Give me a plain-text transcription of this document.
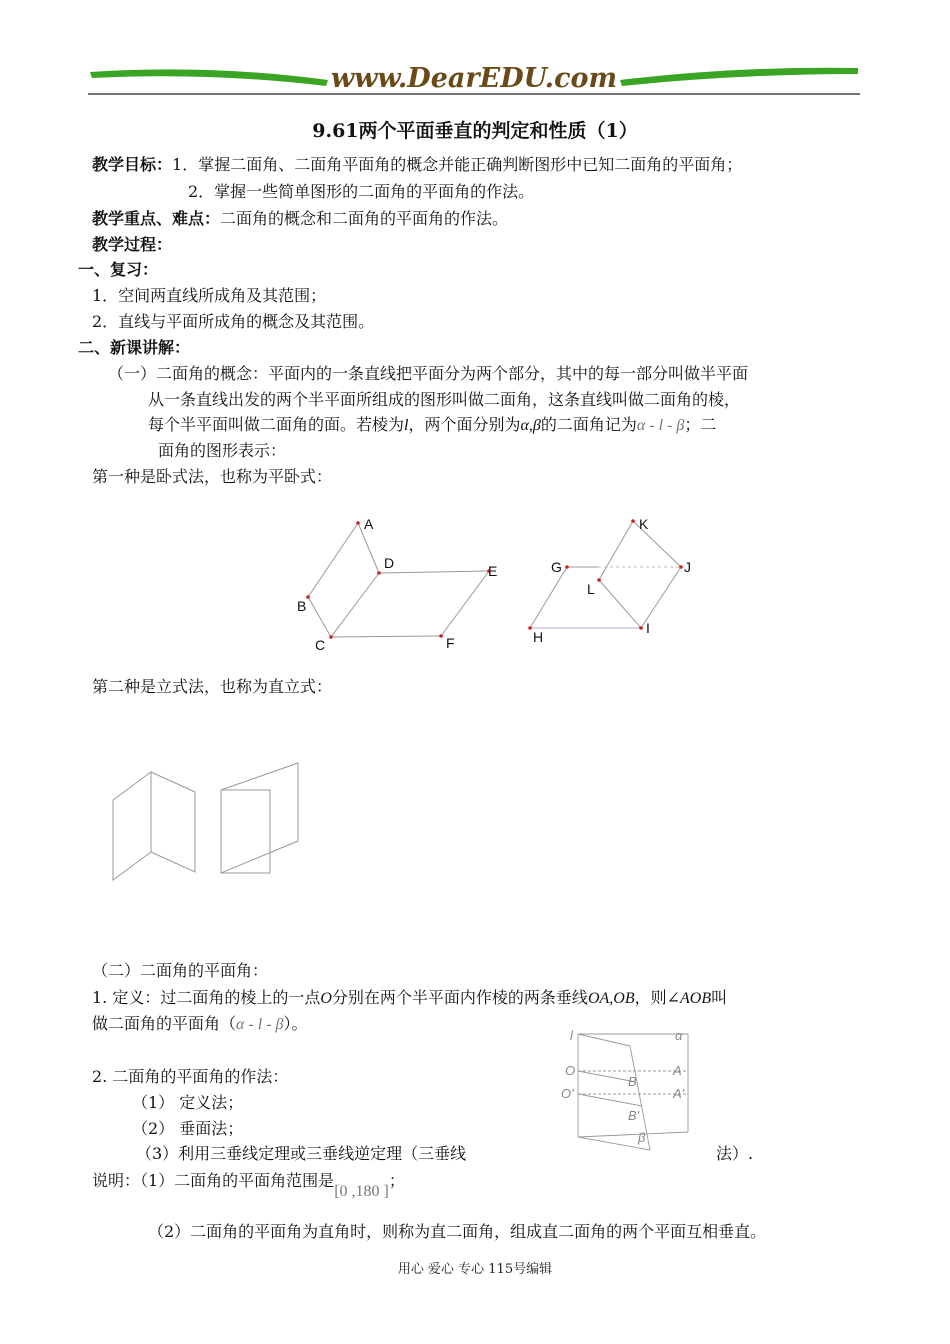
www.DearEDU.com
9.61两个平面垂直的判定和性质（1）
教学目标：1．掌握二面角、二面角平面角的概念并能正确判断图形中已知二面角的平面角；
2．掌握一些简单图形的二面角的平面角的作法。
教学重点、难点：二面角的概念和二面角的平面角的作法。
教学过程：
一、复习：
1．空间两直线所成角及其范围；
2．直线与平面所成角的概念及其范围。
二、新课讲解：
（一）二面角的概念：平面内的一条直线把平面分为两个部分，其中的每一部分叫做半平面
从一条直线出发的两个半平面所组成的图形叫做二面角，这条直线叫做二面角的棱，
每个半平面叫做二面角的面。若棱为l，两个面分别为α,β的二面角记为α - l - β；二
面角的图形表示：
第一种是卧式法，也称为平卧式：
A
D	E
B
C	F
K
G	J
L
H
I
第二种是立式法，也称为直立式：
（二）二面角的平面角：
1. 定义：过二面角的棱上的一点O分别在两个半平面内作棱的两条垂线OA,OB，则∠AOB叫
做二面角的平面角（α - l - β）。
2. 二面角的平面角的作法：
（1） 定义法；
（2） 垂面法；
（3）利用三垂线定理或三垂线逆定理（三垂线	法）.
l	α
O	A
B
O'	A'
B'
β
说明：（1）二面角的平面角范围是[0 ,180 ]；
（2）二面角的平面角为直角时，则称为直二面角，组成直二面角的两个平面互相垂直。
用心 爱心 专心 115号编辑
